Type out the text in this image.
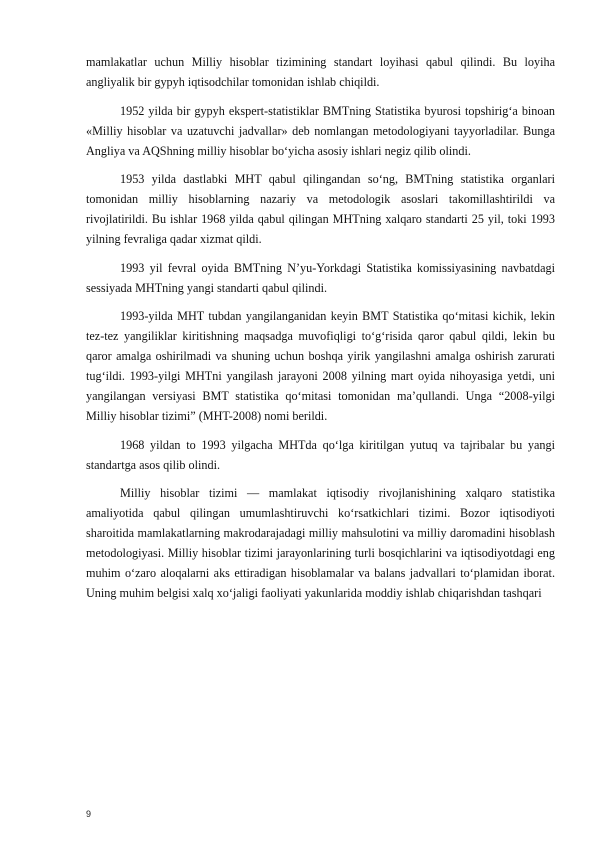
mamlakatlar uchun Milliy hisoblar tizimining standart loyihasi qabul qilindi. Bu loyiha angliyalik bir gypyh iqtisodchilar tomonidan ishlab chiqildi.

1952 yilda bir gypyh ekspert-statistiklar BMTning Statistika byurosi topshirig‘a binoan «Milliy hisoblar va uzatuvchi jadvallar» deb nomlangan metodologiyani tayyorladilar. Bunga Angliya va AQShning milliy hisoblar bo‘yicha asosiy ishlari negiz qilib olindi.

1953 yilda dastlabki MHT qabul qilingandan so‘ng, BMTning statistika organlari tomonidan milliy hisoblarning nazariy va metodologik asoslari takomillashtirildi va rivojlatirildi. Bu ishlar 1968 yilda qabul qilingan MHTning xalqaro standarti 25 yil, toki 1993 yilning fevraliga qadar xizmat qildi.

1993 yil fevral oyida BMTning N’yu-Yorkdagi Statistika komissiyasining navbatdagi sessiyada MHTning yangi standarti qabul qilindi.

1993-yilda MHT tubdan yangilanganidan keyin BMT Statistika qo‘mitasi kichik, lekin tez-tez yangiliklar kiritishning maqsadga muvofiqligi to‘g‘risida qaror qabul qildi, lekin bu qaror amalga oshirilmadi va shuning uchun boshqa yirik yangilashni amalga oshirish zarurati tug‘ildi. 1993-yilgi MHTni yangilash jarayoni 2008 yilning mart oyida nihoyasiga yetdi, uni yangilangan versiyasi BMT statistika qo‘mitasi tomonidan ma’qullandi. Unga “2008-yilgi Milliy hisoblar tizimi” (MHT-2008) nomi berildi.

1968 yildan to 1993 yilgacha MHTda qo‘lga kiritilgan yutuq va tajribalar bu yangi standartga asos qilib olindi.

Milliy hisoblar tizimi — mamlakat iqtisodiy rivojlanishining xalqaro statistika amaliyotida qabul qilingan umumlashtiruvchi ko‘rsatkichlari tizimi. Bozor iqtisodiyoti sharoitida mamlakatlarning makrodarajadagi milliy mahsulotini va milliy daromadini hisoblash metodologiyasi. Milliy hisoblar tizimi jarayonlarining turli bosqichlarini va iqtisodiyotdagi eng muhim o‘zaro aloqalarni aks ettiradigan hisoblamalar va balans jadvallari to‘plamidan iborat. Uning muhim belgisi xalq xo‘jaligi faoliyati yakunlarida moddiy ishlab chiqarishdan tashqari

9
